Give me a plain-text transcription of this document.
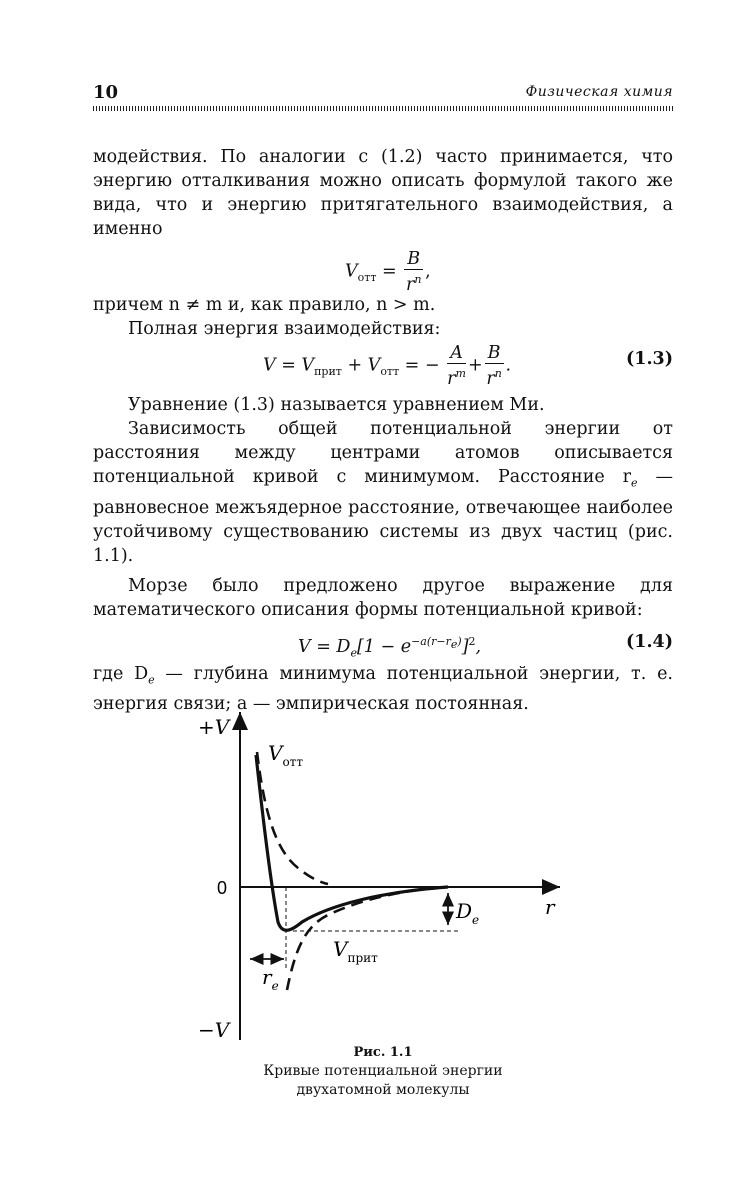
10	Физическая химия

модействия. По аналогии с (1.2) часто принимается, что энергию отталкивания можно описать формулой такого же вида, что и энергию притягательного взаимодействия, а именно

$V_{отт} = \frac{B}{r^n}$ ,

причем n ≠ m и, как правило, n > m.

Полная энергия взаимодействия:

$V = V_{прит} + V_{отт}$ = − $\frac{A}{r^m} + \frac{B}{r^n}$ .	(1.3)

Уравнение (1.3) называется уравнением Ми.

Зависимость общей потенциальной энергии от расстояния между центрами атомов описывается потенциальной кривой с минимумом. Расстояние $r_e$ — равновесное межъядерное расстояние, отвечающее наиболее устойчивому существованию системы из двух частиц (рис. 1.1).

Морзе было предложено другое выражение для математического описания формы потенциальной кривой:

$V = D_e[1 - e^{-a(r-r_e)}]^2$,	(1.4)

где $D_e$ — глубина минимума потенциальной энергии, т. е. энергия связи; a — эмпирическая постоянная.

+V
−V
0
r
$V_{отт}$
$V_{прит}$
$D_e$
$r_e$
Рис. 1.1
Кривые потенциальной энергии
двухатомной молекулы
